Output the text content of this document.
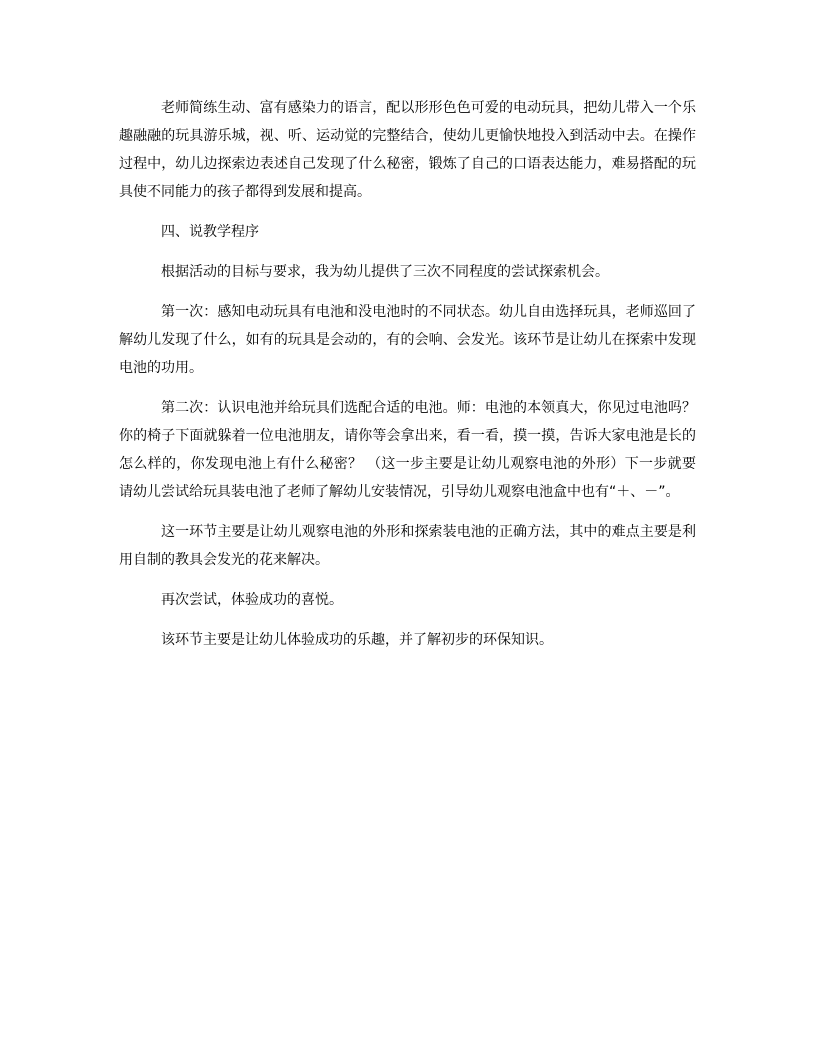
老师简练生动、富有感染力的语言，配以形形色色可爱的电动玩具，把幼儿带入一个乐趣融融的玩具游乐城，视、听、运动觉的完整结合，使幼儿更愉快地投入到活动中去。在操作过程中，幼儿边探索边表述自己发现了什么秘密，锻炼了自己的口语表达能力，难易搭配的玩具使不同能力的孩子都得到发展和提高。

四、说教学程序

根据活动的目标与要求，我为幼儿提供了三次不同程度的尝试探索机会。

第一次：感知电动玩具有电池和没电池时的不同状态。幼儿自由选择玩具，老师巡回了解幼儿发现了什么，如有的玩具是会动的，有的会响、会发光。该环节是让幼儿在探索中发现电池的功用。

第二次：认识电池并给玩具们选配合适的电池。师：电池的本领真大，你见过电池吗？你的椅子下面就躲着一位电池朋友，请你等会拿出来，看一看，摸一摸，告诉大家电池是长的怎么样的，你发现电池上有什么秘密？ （这一步主要是让幼儿观察电池的外形）下一步就要请幼儿尝试给玩具装电池了老师了解幼儿安装情况，引导幼儿观察电池盒中也有“＋、－”。

这一环节主要是让幼儿观察电池的外形和探索装电池的正确方法，其中的难点主要是利用自制的教具会发光的花来解决。

再次尝试，体验成功的喜悦。

该环节主要是让幼儿体验成功的乐趣，并了解初步的环保知识。
